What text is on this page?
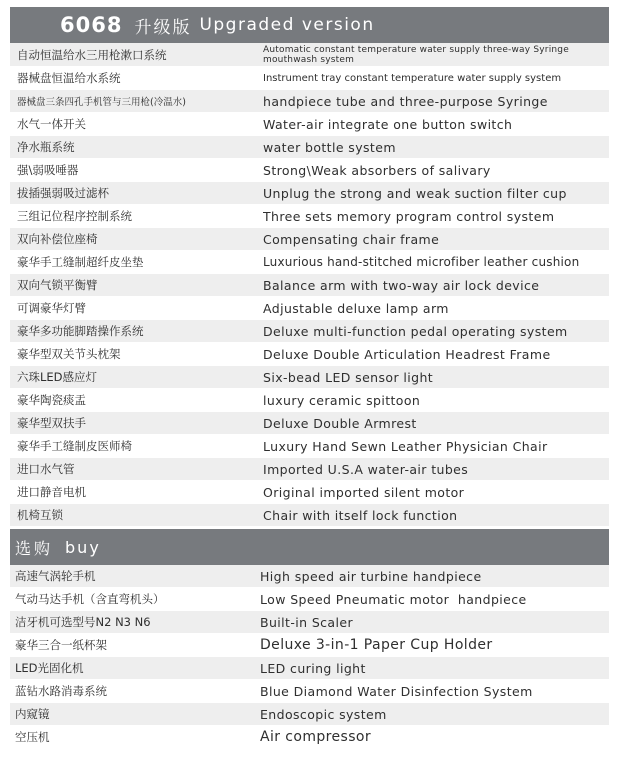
6068 升级版 Upgraded version
自动恒温给水三用枪漱口系统	Automatic constant temperature water supply three-way Syringe mouthwash system
器械盘恒温给水系统	Instrument tray constant temperature water supply system
器械盘三条四孔手机管与三用枪(冷温水)	handpiece tube and three-purpose Syringe
水气一体开关	Water-air integrate one button switch
净水瓶系统	water bottle system
强\弱吸唾器	Strong\Weak absorbers of salivary
拔插强弱吸过滤杯	Unplug the strong and weak suction filter cup
三组记位程序控制系统	Three sets memory program control system
双向补偿位座椅	Compensating chair frame
豪华手工缝制超纤皮坐垫	Luxurious hand-stitched microfiber leather cushion
双向气锁平衡臂	Balance arm with two-way air lock device
可调豪华灯臂	Adjustable deluxe lamp arm
豪华多功能脚踏操作系统	Deluxe multi-function pedal operating system
豪华型双关节头枕架	Deluxe Double Articulation Headrest Frame
六珠LED感应灯	Six-bead LED sensor light
豪华陶瓷痰盂	luxury ceramic spittoon
豪华型双扶手	Deluxe Double Armrest
豪华手工缝制皮医师椅	Luxury Hand Sewn Leather Physician Chair
进口水气管	Imported U.S.A water-air tubes
进口静音电机	Original imported silent motor
机椅互锁	Chair with itself lock function
选购 buy
高速气涡轮手机	High speed air turbine handpiece
气动马达手机（含直弯机头）	Low Speed Pneumatic motor  handpiece
洁牙机可选型号N2 N3 N6	Built-in Scaler
豪华三合一纸杯架	Deluxe 3-in-1 Paper Cup Holder
LED光固化机	LED curing light
蓝钻水路消毒系统	Blue Diamond Water Disinfection System
内窥镜	Endoscopic system
空压机	Air compressor
